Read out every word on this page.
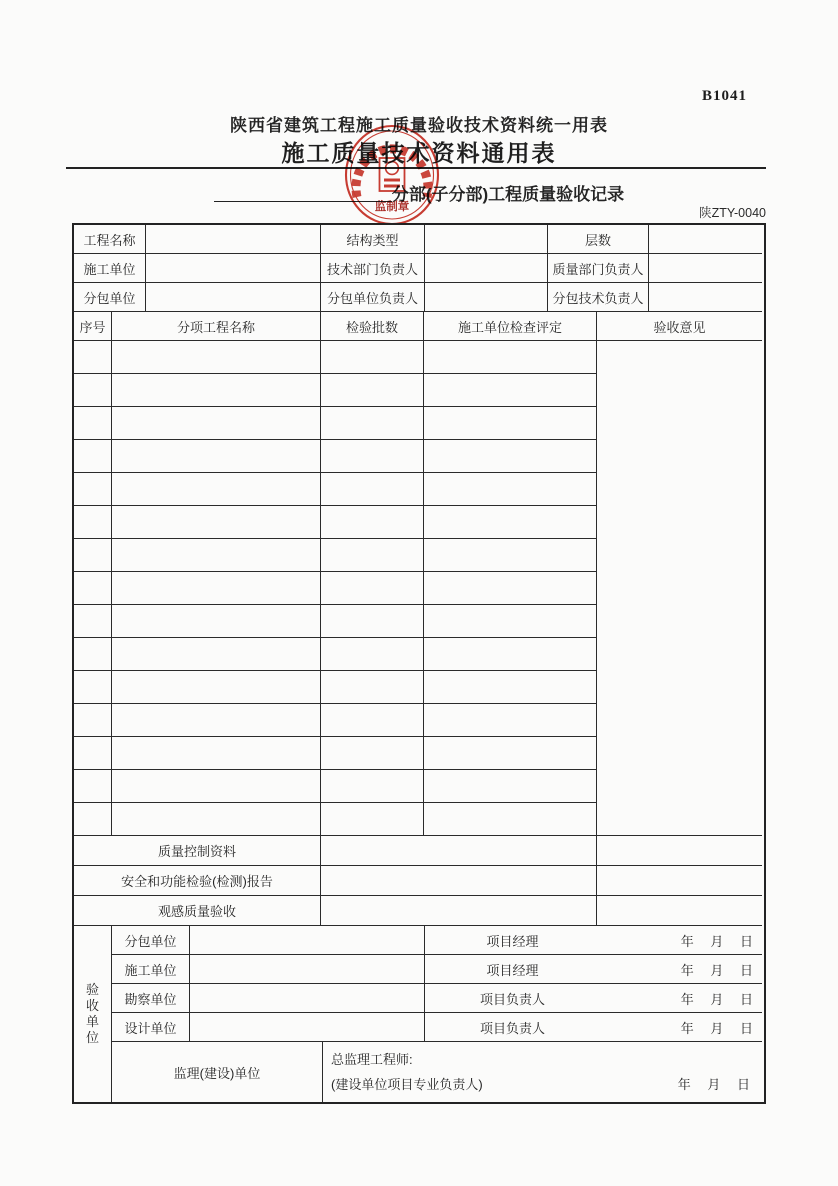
B1041
陕西省建筑工程施工质量验收技术资料统一用表
施工质量技术资料通用表
分部(子分部)工程质量验收记录
陕ZTY-0040
监制章
工程名称	结构类型	层数
施工单位	技术部门负责人	质量部门负责人
分包单位	分包单位负责人	分包技术负责人
序号	分项工程名称	检验批数	施工单位检查评定	验收意见
质量控制资料
安全和功能检验(检测)报告
观感质量验收
验收单位
分包单位	项目经理	年 月 日
施工单位	项目经理	年 月 日
勘察单位	项目负责人	年 月 日
设计单位	项目负责人	年 月 日
监理(建设)单位
总监理工程师:
(建设单位项目专业负责人)	年 月 日
